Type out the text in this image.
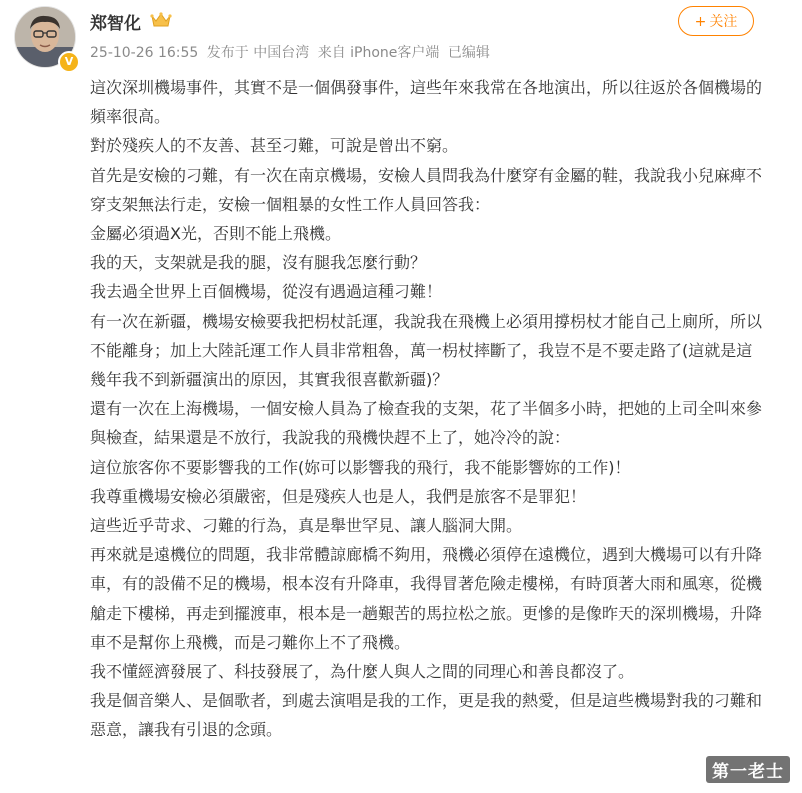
V
郑智化
25-10-26 16:55 发布于 中国台湾 来自 iPhone客户端 已编辑
+ 关注

這次深圳機場事件，其實不是一個偶發事件，這些年來我常在各地演出，所以往返於各個機場的頻率很高。

對於殘疾人的不友善、甚至刁難，可說是曾出不窮。

首先是安檢的刁難，有一次在南京機場，安檢人員問我為什麼穿有金屬的鞋，我說我小兒麻痺不穿支架無法行走，安檢一個粗暴的女性工作人員回答我：

金屬必須過X光，否則不能上飛機。

我的天，支架就是我的腿，沒有腿我怎麼行動？

我去過全世界上百個機場，從沒有遇過這種刁難！

有一次在新疆，機場安檢要我把枴杖託運，我說我在飛機上必須用撐枴杖才能自己上廁所，所以不能離身；加上大陸託運工作人員非常粗魯，萬一枴杖摔斷了，我豈不是不要走路了(這就是這幾年我不到新疆演出的原因，其實我很喜歡新疆)？

還有一次在上海機場，一個安檢人員為了檢查我的支架，花了半個多小時，把她的上司全叫來參與檢查，結果還是不放行，我說我的飛機快趕不上了，她冷冷的說：

這位旅客你不要影響我的工作(妳可以影響我的飛行，我不能影響妳的工作)！

我尊重機場安檢必須嚴密，但是殘疾人也是人，我們是旅客不是罪犯！

這些近乎苛求、刁難的行為，真是舉世罕見、讓人腦洞大開。

再來就是遠機位的問題，我非常體諒廊橋不夠用，飛機必須停在遠機位，遇到大機場可以有升降車，有的設備不足的機場，根本沒有升降車，我得冒著危險走樓梯，有時頂著大雨和風寒，從機艙走下樓梯，再走到擺渡車，根本是一趟艱苦的馬拉松之旅。更慘的是像昨天的深圳機場，升降車不是幫你上飛機，而是刁難你上不了飛機。

我不懂經濟發展了、科技發展了，為什麼人與人之間的同理心和善良都沒了。

我是個音樂人、是個歌者，到處去演唱是我的工作，更是我的熱愛，但是這些機場對我的刁難和惡意，讓我有引退的念頭。

第一老士
